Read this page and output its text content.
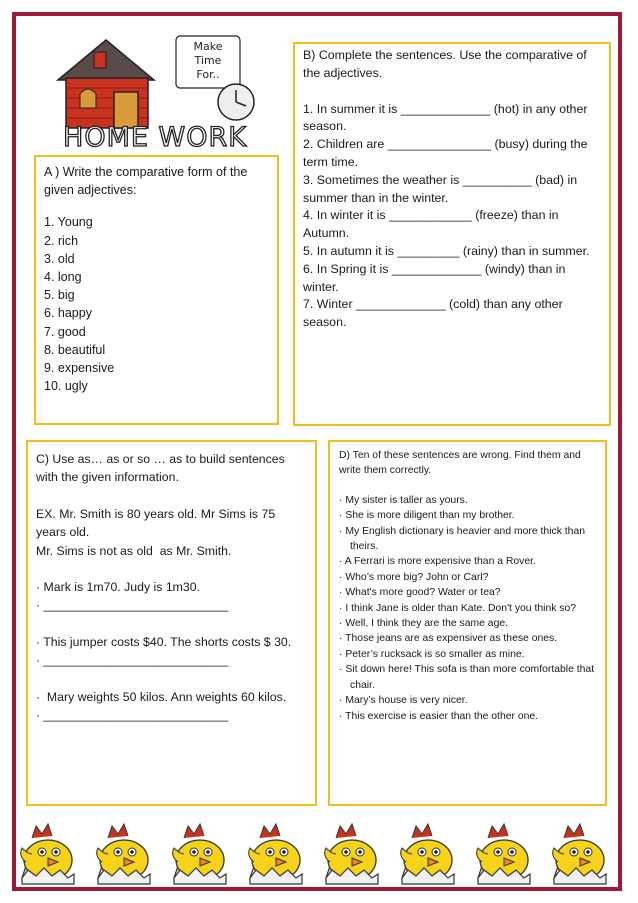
Make
Time
For..
HOME WORK
A ) Write the comparative form of the given adjectives:
1. Young
2. rich
3. old
4. long
5. big
6. happy
7. good
8. beautiful
9. expensive
10. ugly
B) Complete the sentences. Use the comparative of the adjectives.
1. In summer it is _____________ (hot) in any other season.
2. Children are _______________ (busy) during the term time.
3. Sometimes the weather is __________ (bad) in summer than in the winter.
4. In winter it is ____________ (freeze) than in Autumn.
5. In autumn it is _________ (rainy) than in summer.
6. In Spring it is _____________ (windy) than in winter.
7. Winter _____________ (cold) than any other season.
C) Use as… as or so … as to build sentences with the given information.
EX. Mr. Smith is 80 years old. Mr Sims is 75 years old.
Mr. Sims is not as old  as Mr. Smith.
· Mark is 1m70. Judy is 1m30.
· ___________________________
· This jumper costs $40. The shorts costs $ 30.
· ___________________________
·  Mary weights 50 kilos. Ann weights 60 kilos.
· ___________________________
D) Ten of these sentences are wrong. Find them and write them correctly.
· My sister is taller as yours.
· She is more diligent than my brother.
· My English dictionary is heavier and more thick than theirs.
· A Ferrari is more expensive than a Rover.
· Who’s more big? John or Carl?
· What's more good? Water or tea?
· I think Jane is older than Kate. Don't you think so?
· Well, I think they are the same age.
· Those jeans are as expensiver as these ones.
· Peter’s rucksack is so smaller as mine.
· Sit down here! This sofa is than more comfortable that chair.
· Mary’s house is very nicer.
· This exercise is easier than the other one.
